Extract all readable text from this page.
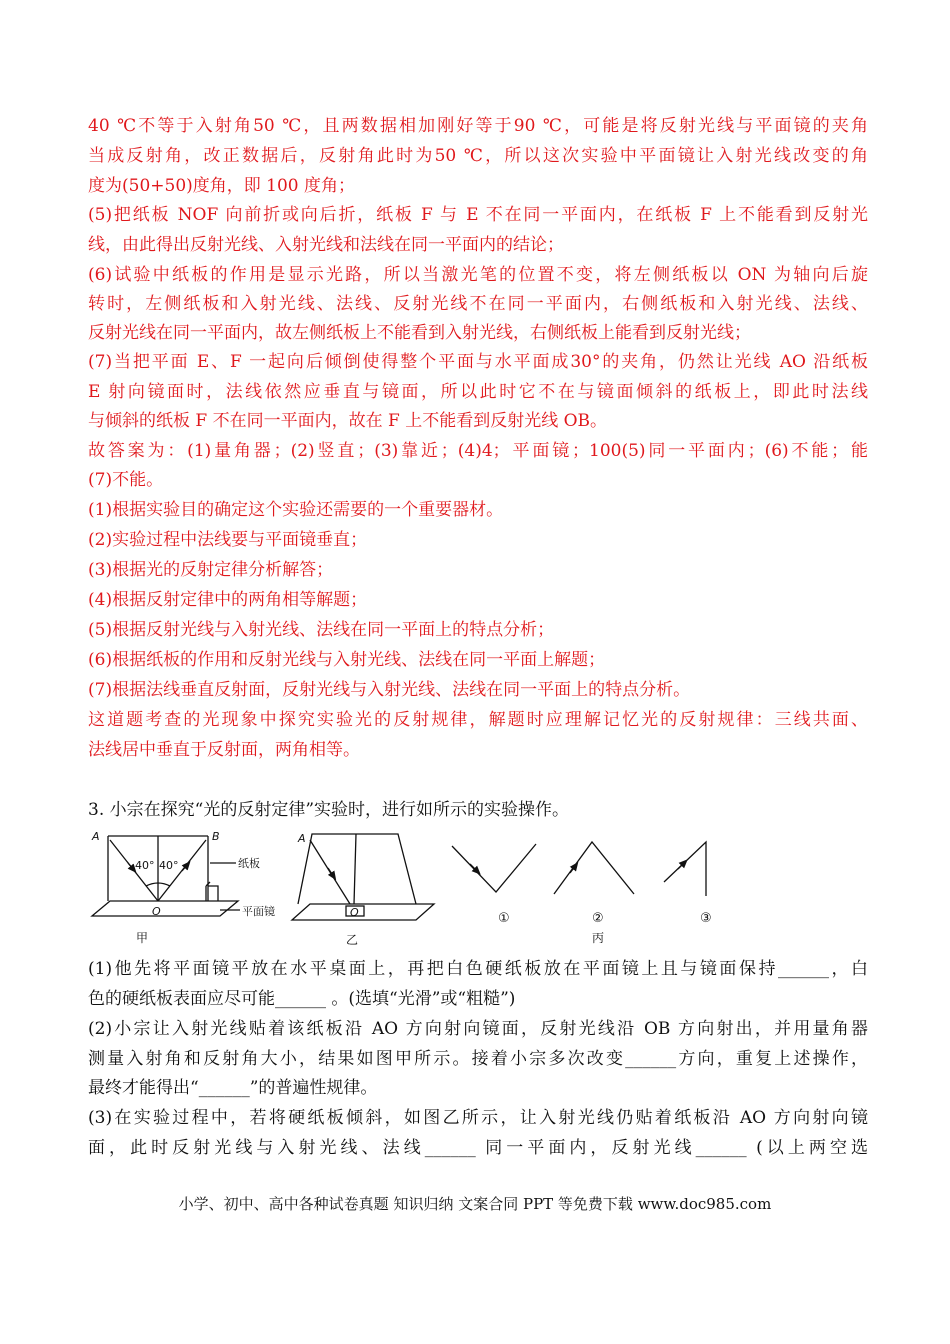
40 ℃不等于入射角50 ℃，且两数据相加刚好等于90 ℃，可能是将反射光线与平面镜的夹角
当成反射角，改正数据后，反射角此时为50 ℃，所以这次实验中平面镜让入射光线改变的角
度为(50+50)度角，即 100 度角；
(5)把纸板 NOF 向前折或向后折，纸板 F 与 E 不在同一平面内，在纸板 F 上不能看到反射光
线，由此得出反射光线、入射光线和法线在同一平面内的结论；
(6)试验中纸板的作用是显示光路，所以当激光笔的位置不变，将左侧纸板以 ON 为轴向后旋
转时，左侧纸板和入射光线、法线、反射光线不在同一平面内，右侧纸板和入射光线、法线、
反射光线在同一平面内，故左侧纸板上不能看到入射光线，右侧纸板上能看到反射光线；
(7)当把平面 E、F 一起向后倾倒使得整个平面与水平面成30°的夹角，仍然让光线 AO 沿纸板
E 射向镜面时，法线依然应垂直与镜面，所以此时它不在与镜面倾斜的纸板上，即此时法线
与倾斜的纸板 F 不在同一平面内，故在 F 上不能看到反射光线 OB。
故答案为：(1)量角器；(2)竖直；(3)靠近；(4)4；平面镜；100(5)同一平面内；(6)不能；能
(7)不能。
(1)根据实验目的确定这个实验还需要的一个重要器材。
(2)实验过程中法线要与平面镜垂直；
(3)根据光的反射定律分析解答；
(4)根据反射定律中的两角相等解题；
(5)根据反射光线与入射光线、法线在同一平面上的特点分析；
(6)根据纸板的作用和反射光线与入射光线、法线在同一平面上解题；
(7)根据法线垂直反射面，反射光线与入射光线、法线在同一平面上的特点分析。
这道题考查的光现象中探究实验光的反射规律，解题时应理解记忆光的反射规律：三线共面、
法线居中垂直于反射面，两角相等。
3. 小宗在探究“光的反射定律”实验时，进行如所示的实验操作。
A	B
40° 40°
O
纸板
平面镜
甲
A
O
乙
①	②	③
丙
(1)他先将平面镜平放在水平桌面上，再把白色硬纸板放在平面镜上且与镜面保持______，白
色的硬纸板表面应尽可能______ 。(选填“光滑”或“粗糙”)
(2)小宗让入射光线贴着该纸板沿 AO 方向射向镜面，反射光线沿 OB 方向射出，并用量角器
测量入射角和反射角大小，结果如图甲所示。接着小宗多次改变______方向，重复上述操作，
最终才能得出“______”的普遍性规律。
(3)在实验过程中，若将硬纸板倾斜，如图乙所示，让入射光线仍贴着纸板沿 AO 方向射向镜
面，此时反射光线与入射光线、法线______ 同一平面内，反射光线______ (以上两空选
小学、初中、高中各种试卷真题 知识归纳 文案合同 PPT 等免费下载 www.doc985.com
